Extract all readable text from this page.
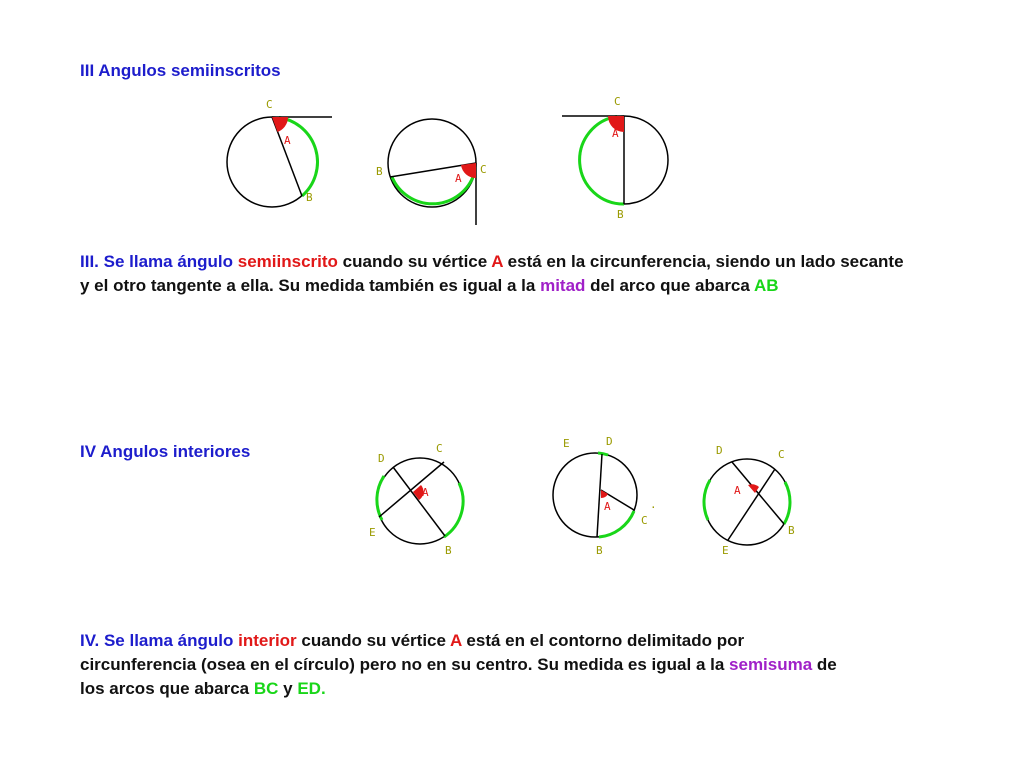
III Angulos semiinscritos
C
A
B
B	C
A
C
A
B

III. Se llama ángulo semiinscrito cuando su vértice A está en la circunferencia, siendo un lado secante y el otro tangente a ella. Su medida también es igual a la mitad del arco que abarca AB

IV Angulos interiores	D
C
A
E
B
E	D
A
C
B
.
D	C
A
B
E

IV. Se llama ángulo interior cuando su vértice A está en el contorno delimitado por circunferencia (osea en el círculo) pero no en su centro. Su medida es igual a la semisuma de los arcos que abarca BC y ED.
